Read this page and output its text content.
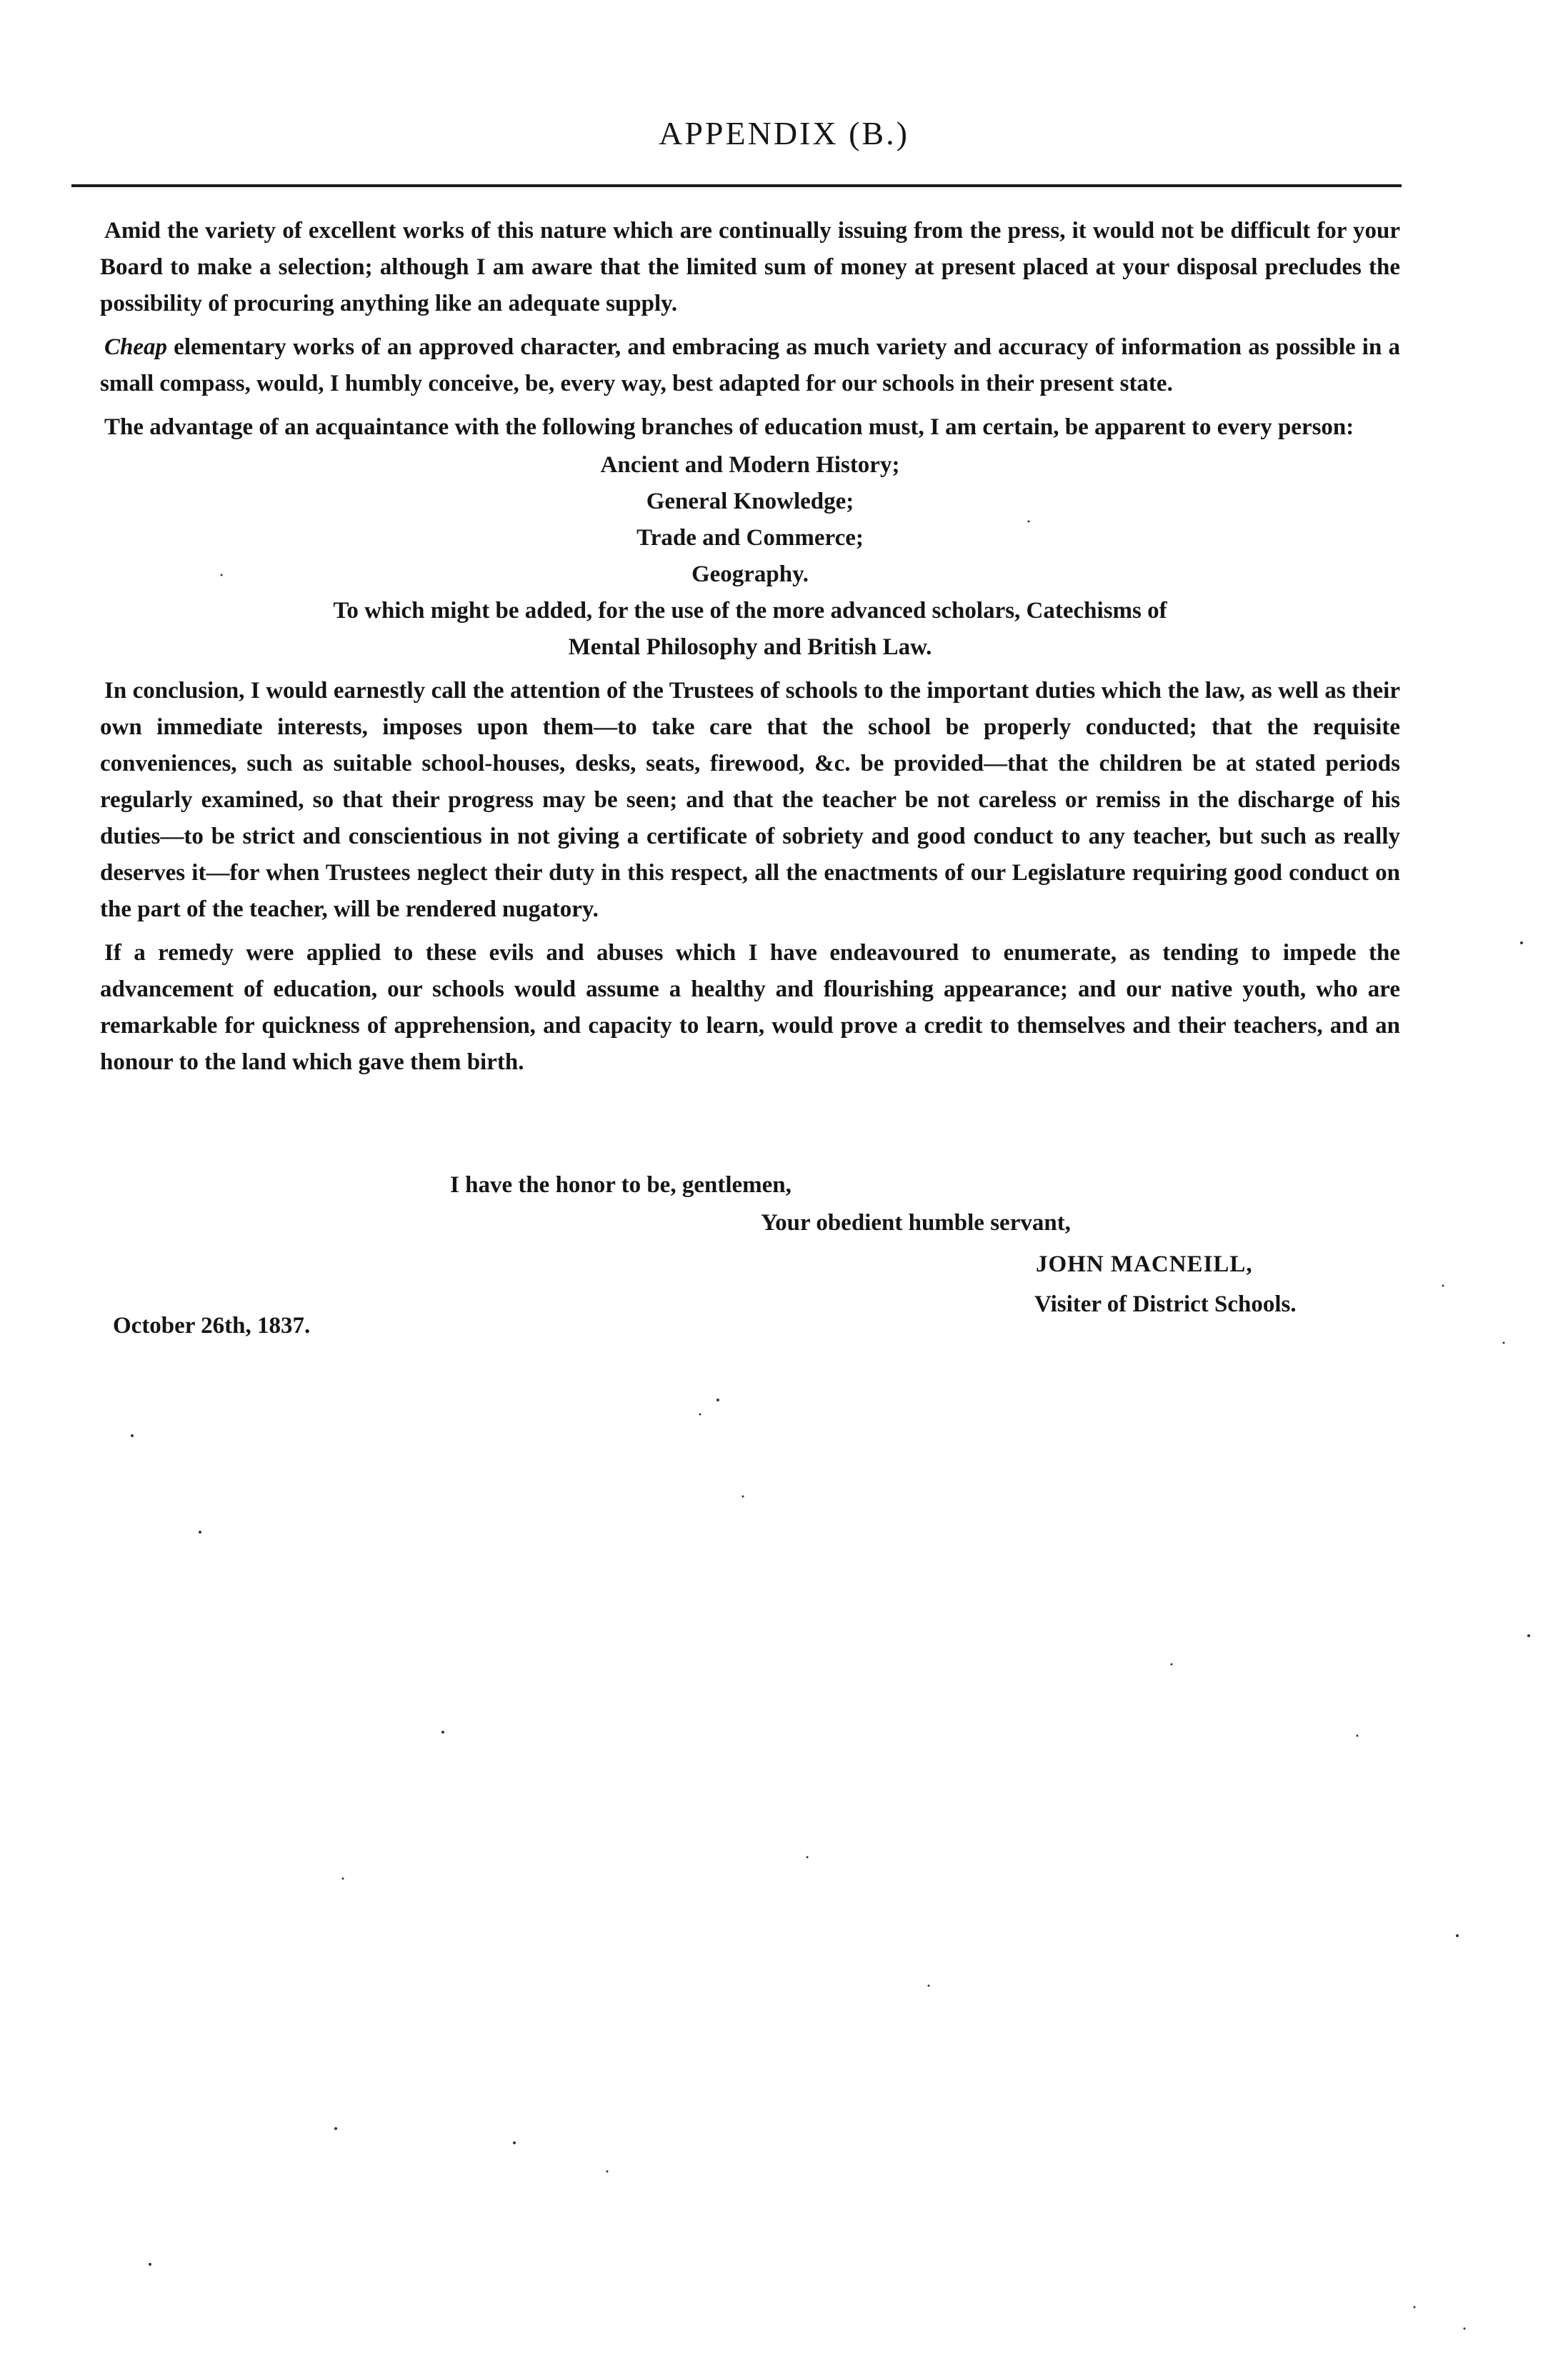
APPENDIX (B.)

Amid the variety of excellent works of this nature which are continually issuing from the press, it would not be difficult for your Board to make a selection; although I am aware that the limited sum of money at present placed at your disposal precludes the possibility of procuring anything like an adequate supply.

Cheap elementary works of an approved character, and embracing as much variety and accuracy of information as possible in a small compass, would, I humbly conceive, be, every way, best adapted for our schools in their present state.

The advantage of an acquaintance with the following branches of education must, I am certain, be apparent to every person:

Ancient and Modern History;
General Knowledge;
Trade and Commerce;
Geography.

To which might be added, for the use of the more advanced scholars, Catechisms of

Mental Philosophy and British Law.

In conclusion, I would earnestly call the attention of the Trustees of schools to the important duties which the law, as well as their own immediate interests, imposes upon them—to take care that the school be properly conducted; that the requisite conveniences, such as suitable school-houses, desks, seats, firewood, &c. be provided—that the children be at stated periods regularly examined, so that their progress may be seen; and that the teacher be not careless or remiss in the discharge of his duties—to be strict and conscientious in not giving a certificate of sobriety and good conduct to any teacher, but such as really deserves it—for when Trustees neglect their duty in this respect, all the enactments of our Legislature requiring good conduct on the part of the teacher, will be rendered nugatory.

If a remedy were applied to these evils and abuses which I have endeavoured to enumerate, as tending to impede the advancement of education, our schools would assume a healthy and flourishing appearance; and our native youth, who are remarkable for quickness of apprehension, and capacity to learn, would prove a credit to themselves and their teachers, and an honour to the land which gave them birth.

I have the honor to be, gentlemen,
Your obedient humble servant,
JOHN MACNEILL,
Visiter of District Schools.
October 26th, 1837.
